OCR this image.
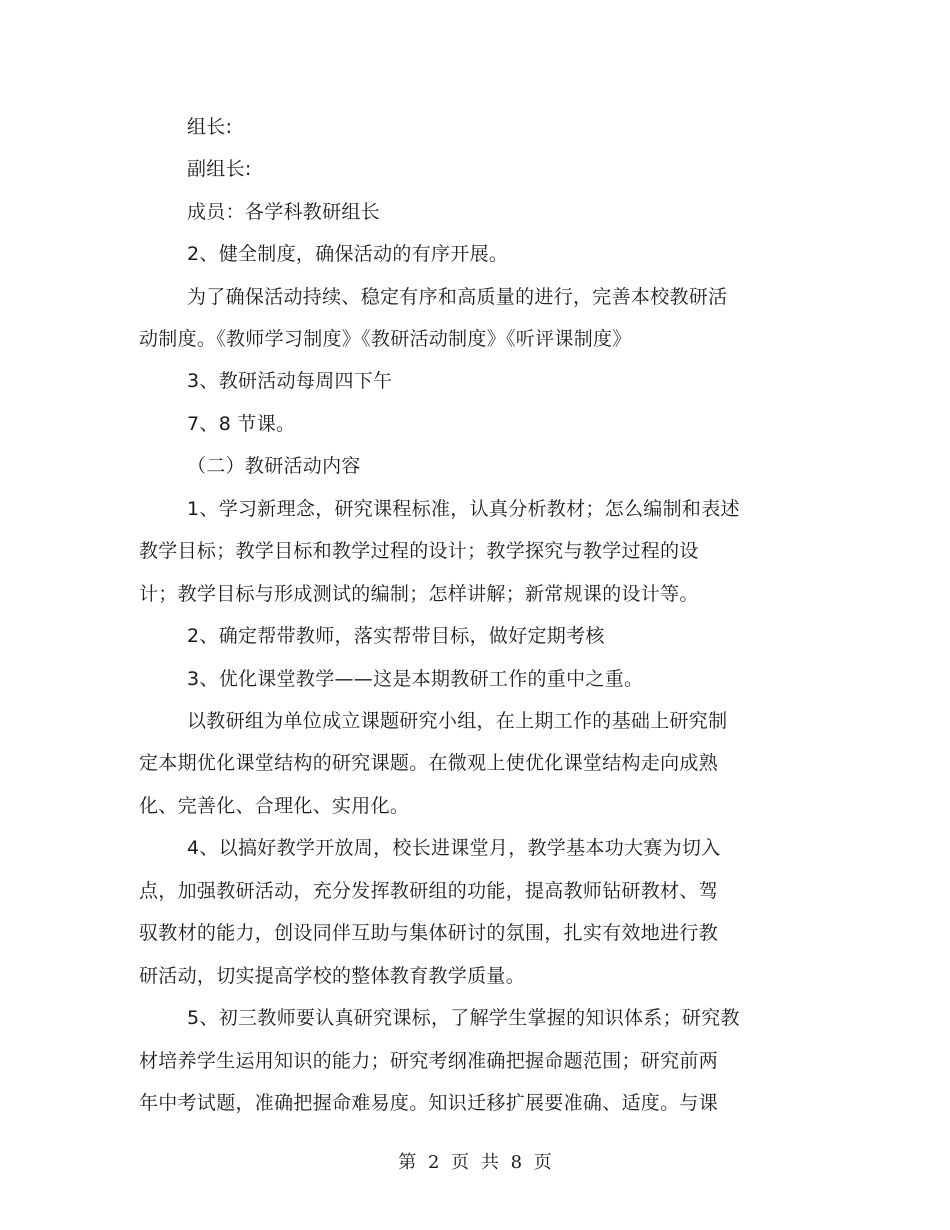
组长:
副组长:
成员：各学科教研组长
2、健全制度，确保活动的有序开展。
为了确保活动持续、稳定有序和高质量的进行，完善本校教研活
动制度。《教师学习制度》《教研活动制度》《听评课制度》
3、教研活动每周四下午
7、8 节课。
（二）教研活动内容
1、学习新理念，研究课程标准，认真分析教材；怎么编制和表述
教学目标；教学目标和教学过程的设计；教学探究与教学过程的设
计；教学目标与形成测试的编制；怎样讲解；新常规课的设计等。
2、确定帮带教师，落实帮带目标，做好定期考核
3、优化课堂教学——这是本期教研工作的重中之重。
以教研组为单位成立课题研究小组，在上期工作的基础上研究制
定本期优化课堂结构的研究课题。在微观上使优化课堂结构走向成熟
化、完善化、合理化、实用化。
4、以搞好教学开放周，校长进课堂月，教学基本功大赛为切入
点，加强教研活动，充分发挥教研组的功能，提高教师钻研教材、驾
驭教材的能力，创设同伴互助与集体研讨的氛围，扎实有效地进行教
研活动，切实提高学校的整体教育教学质量。
5、初三教师要认真研究课标，了解学生掌握的知识体系；研究教
材培养学生运用知识的能力；研究考纲准确把握命题范围；研究前两
年中考试题，准确把握命难易度。知识迁移扩展要准确、适度。与课
第 2 页 共 8 页
